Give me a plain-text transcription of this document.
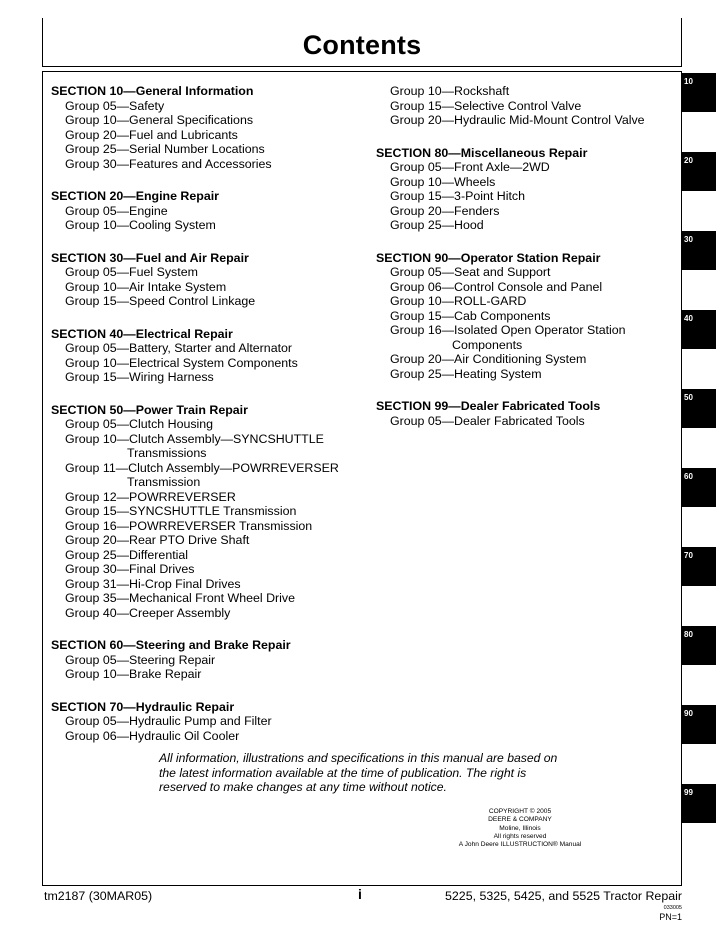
Contents
SECTION 10—General Information
Group 05—Safety
Group 10—General Specifications
Group 20—Fuel and Lubricants
Group 25—Serial Number Locations
Group 30—Features and Accessories
SECTION 20—Engine Repair
Group 05—Engine
Group 10—Cooling System
SECTION 30—Fuel and Air Repair
Group 05—Fuel System
Group 10—Air Intake System
Group 15—Speed Control Linkage
SECTION 40—Electrical Repair
Group 05—Battery, Starter and Alternator
Group 10—Electrical System Components
Group 15—Wiring Harness
SECTION 50—Power Train Repair
Group 05—Clutch Housing
Group 10—Clutch Assembly—SYNCSHUTTLE
Transmissions
Group 11—Clutch Assembly—POWRREVERSER
Transmission
Group 12—POWRREVERSER
Group 15—SYNCSHUTTLE Transmission
Group 16—POWRREVERSER Transmission
Group 20—Rear PTO Drive Shaft
Group 25—Differential
Group 30—Final Drives
Group 31—Hi-Crop Final Drives
Group 35—Mechanical Front Wheel Drive
Group 40—Creeper Assembly
SECTION 60—Steering and Brake Repair
Group 05—Steering Repair
Group 10—Brake Repair
SECTION 70—Hydraulic Repair
Group 05—Hydraulic Pump and Filter
Group 06—Hydraulic Oil Cooler
Group 10—Rockshaft
Group 15—Selective Control Valve
Group 20—Hydraulic Mid-Mount Control Valve
SECTION 80—Miscellaneous Repair
Group 05—Front Axle—2WD
Group 10—Wheels
Group 15—3-Point Hitch
Group 20—Fenders
Group 25—Hood
SECTION 90—Operator Station Repair
Group 05—Seat and Support
Group 06—Control Console and Panel
Group 10—ROLL-GARD
Group 15—Cab Components
Group 16—Isolated Open Operator Station
Components
Group 20—Air Conditioning System
Group 25—Heating System
SECTION 99—Dealer Fabricated Tools
Group 05—Dealer Fabricated Tools
All information, illustrations and specifications in this manual are based on
the latest information available at the time of publication. The right is
reserved to make changes at any time without notice.
COPYRIGHT © 2005
DEERE & COMPANY
Moline, Illinois
All rights reserved
A John Deere ILLUSTRUCTION® Manual
10
20
30
40
50
60
70
80
90
99
tm2187 (30MAR05)	i	5225, 5325, 5425, and 5525 Tractor Repair
033005
PN=1
